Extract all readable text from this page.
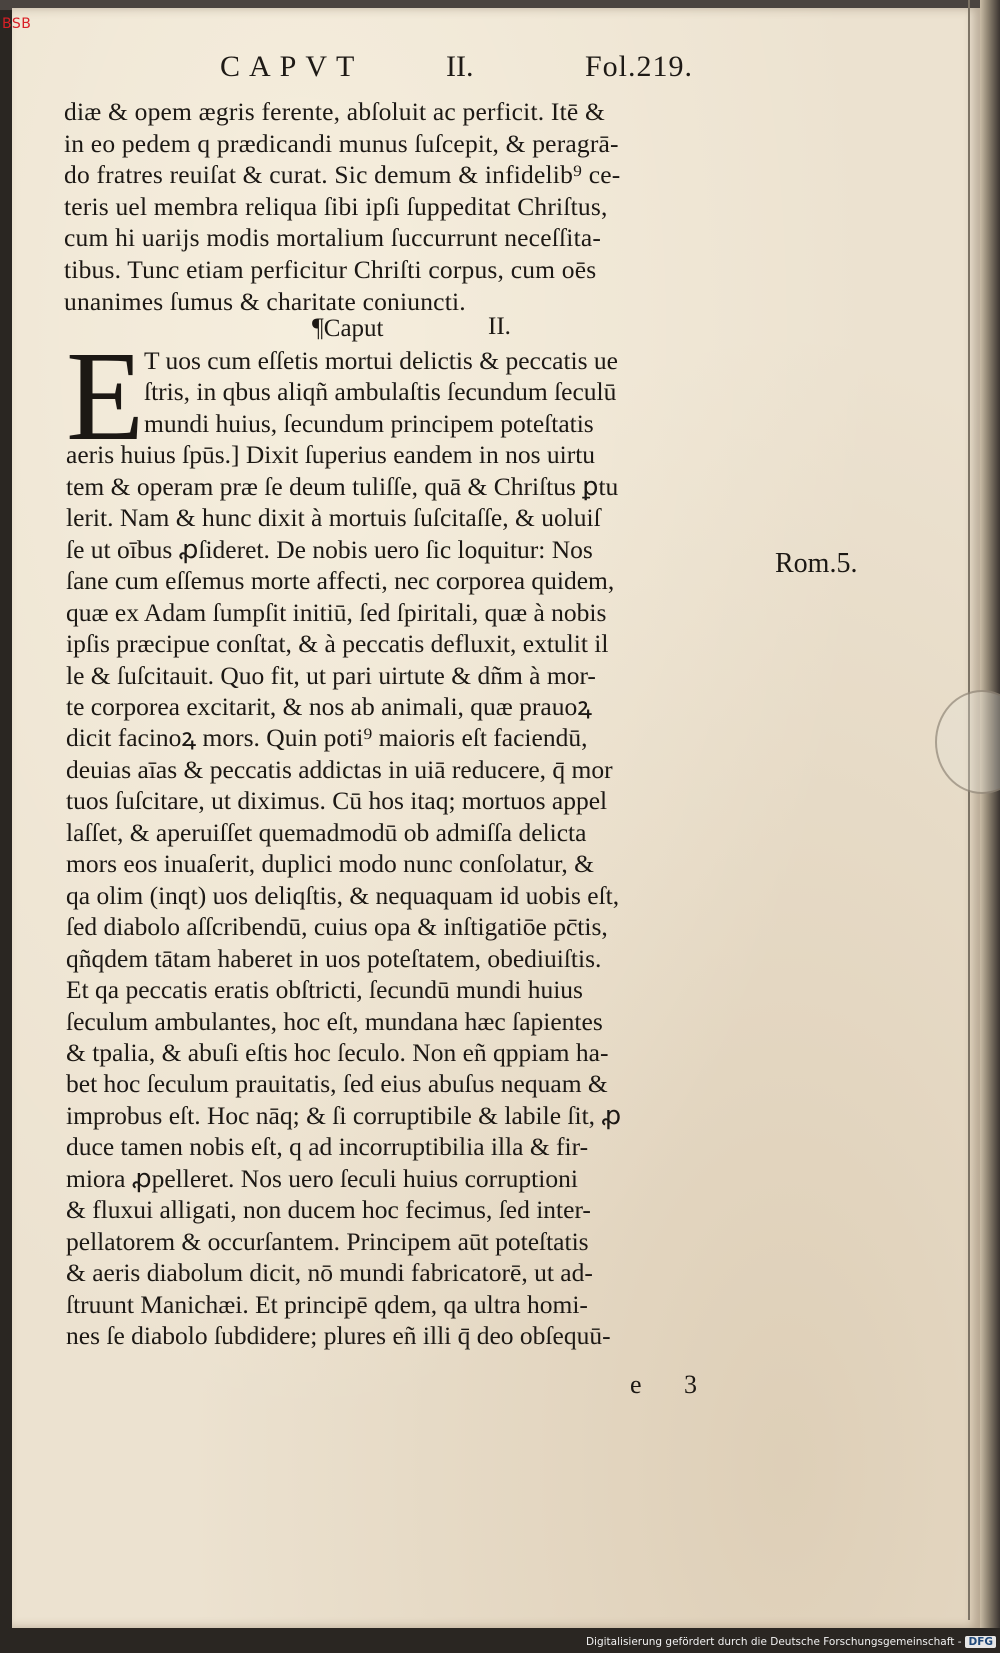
BSB
CAPVT	II.	Fol.219.
diæ & opem ægris ferente, abſoluit ac perficit. Itē &
in eo pedem q prædicandi munus ſuſcepit, & peragrā-
do fratres reuiſat & curat. Sic demum & infidelib⁹ ce-
teris uel membra reliqua ſibi ipſi ſuppeditat Chriſtus,
cum hi uarijs modis mortalium ſuccurrunt neceſſita-
tibus. Tunc etiam perficitur Chriſti corpus, cum oēs
unanimes ſumus & charitate coniuncti.
¶Caput	II.
E T uos cum eſſetis mortui delictis & peccatis ue
ſtris, in qbus aliqñ ambulaſtis ſecundum ſeculū
mundi huius, ſecundum principem poteſtatis
aeris huius ſpūs.] Dixit ſuperius eandem in nos uirtu
tem & operam præ ſe deum tuliſſe, quā & Chriſtus ꝑtu
lerit. Nam & hunc dixit à mortuis ſuſcitaſſe, & uoluiſ
ſe ut oībus ꝓſideret. De nobis uero ſic loquitur: Nos
ſane cum eſſemus morte affecti, nec corporea quidem,
quæ ex Adam ſumpſit initiū, ſed ſpiritali, quæ à nobis
ipſis præcipue conſtat, & à peccatis defluxit, extulit il
le & ſuſcitauit. Quo fit, ut pari uirtute & dñm à mor-
te corporea excitarit, & nos ab animali, quæ prauoꝝ
dicit facinoꝝ mors. Quin poti⁹ maioris eſt faciendū,
deuias aīas & peccatis addictas in uiā reducere, q̄ mor
tuos ſuſcitare, ut diximus. Cū hos itaq; mortuos appel
laſſet, & aperuiſſet quemadmodū ob admiſſa delicta
mors eos inuaſerit, duplici modo nunc conſolatur, &
qa olim (inqt) uos deliqſtis, & nequaquam id uobis eſt,
ſed diabolo aſſcribendū, cuius opa & inſtigatiōe pc̄tis,
qñqdem tātam haberet in uos poteſtatem, obediuiſtis.
Et qa peccatis eratis obſtricti, ſecundū mundi huius
ſeculum ambulantes, hoc eſt, mundana hæc ſapientes
& tpalia, & abuſi eſtis hoc ſeculo. Non eñ qppiam ha-
bet hoc ſeculum prauitatis, ſed eius abuſus nequam &
improbus eſt. Hoc nāq; & ſi corruptibile & labile ſit, ꝓ
duce tamen nobis eſt, q ad incorruptibilia illa & fir-
miora ꝓpelleret. Nos uero ſeculi huius corruptioni
& fluxui alligati, non ducem hoc fecimus, ſed inter-
pellatorem & occurſantem. Principem aūt poteſtatis
& aeris diabolum dicit, nō mundi fabricatorē, ut ad-
ſtruunt Manichæi. Et principē qdem, qa ultra homi-
nes ſe diabolo ſubdidere; plures eñ illi q̄ deo obſequū-
Rom.5.
e 3
Digitalisierung gefördert durch die Deutsche Forschungsgemeinschaft - DFG
